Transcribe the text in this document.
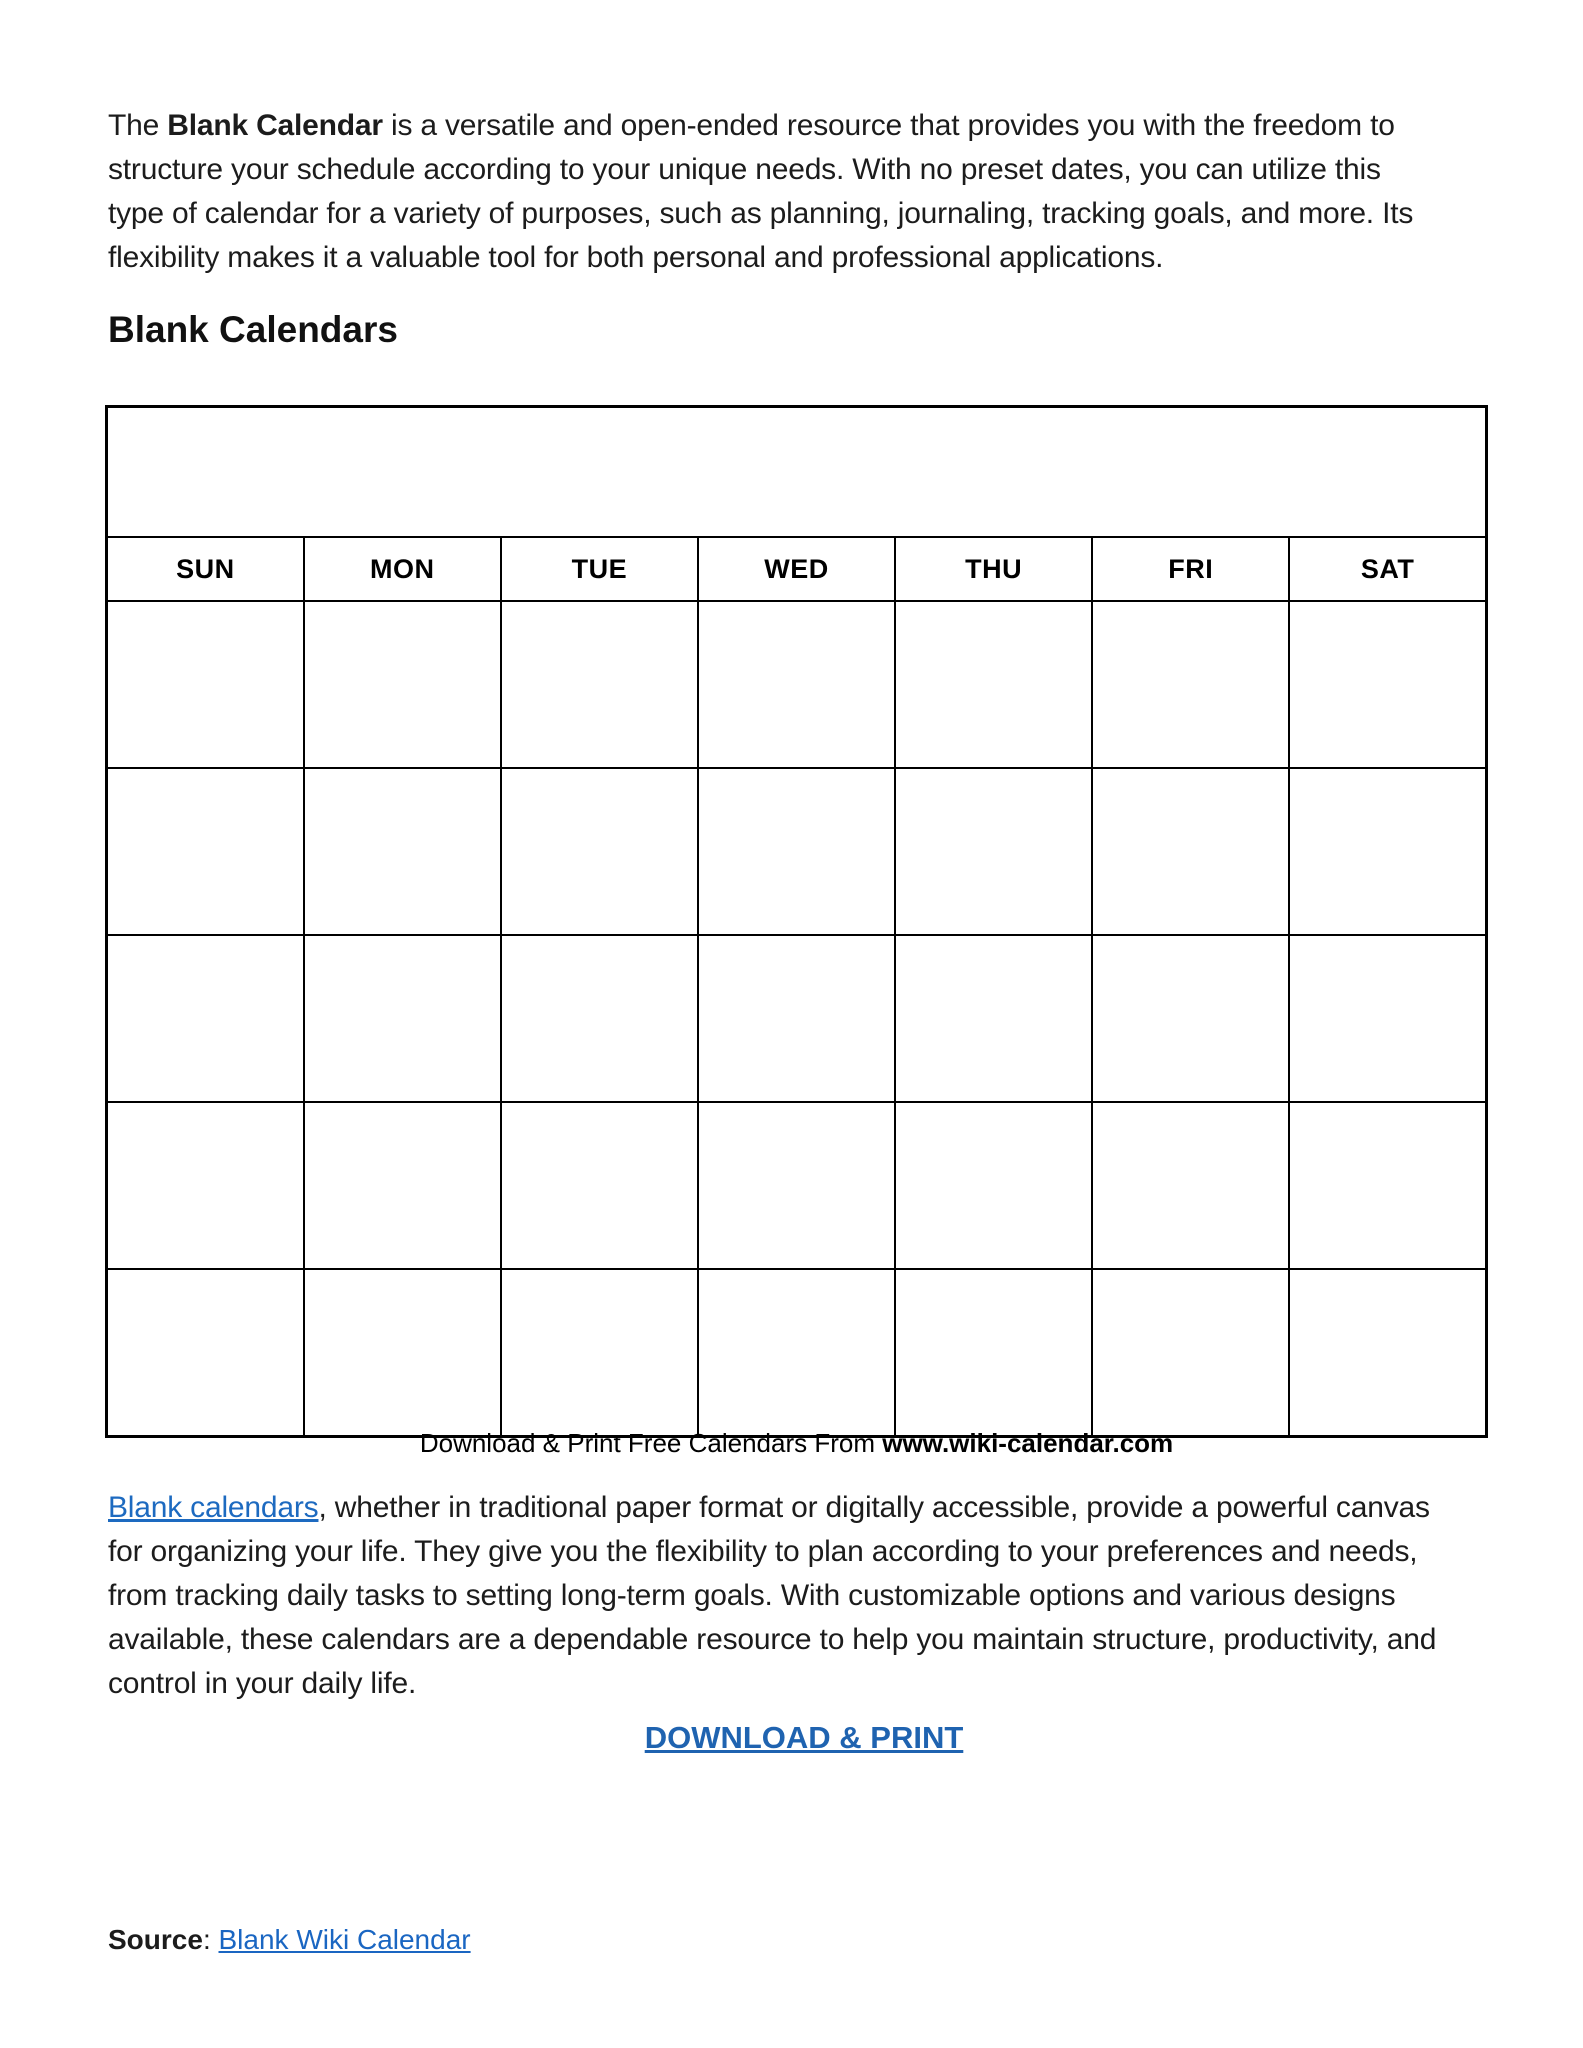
The Blank Calendar is a versatile and open-ended resource that provides you with the freedom to
structure your schedule according to your unique needs. With no preset dates, you can utilize this
type of calendar for a variety of purposes, such as planning, journaling, tracking goals, and more. Its
flexibility makes it a valuable tool for both personal and professional applications.
Blank Calendars

SUN	MON	TUE	WED	THU	FRI	SAT

Download & Print Free Calendars From www.wiki-calendar.com
Blank calendars, whether in traditional paper format or digitally accessible, provide a powerful canvas
for organizing your life. They give you the flexibility to plan according to your preferences and needs,
from tracking daily tasks to setting long-term goals. With customizable options and various designs
available, these calendars are a dependable resource to help you maintain structure, productivity, and
control in your daily life.
DOWNLOAD & PRINT
Source: Blank Wiki Calendar
